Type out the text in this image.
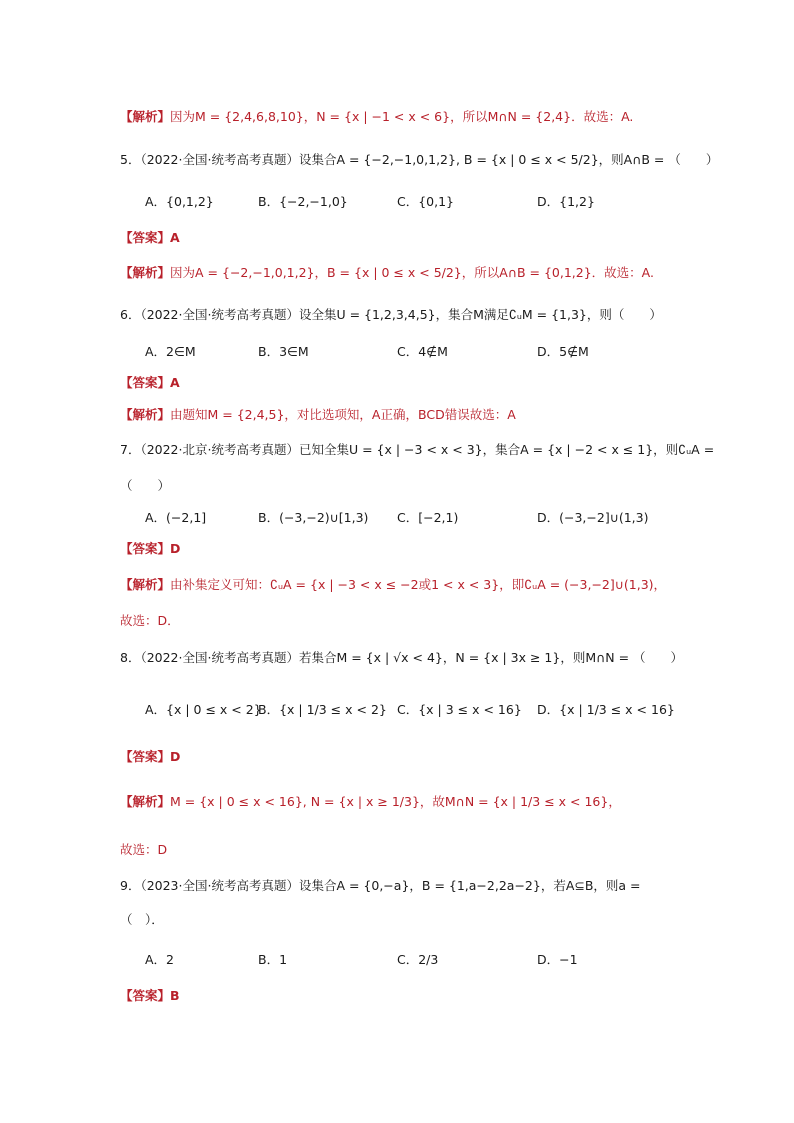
【解析】因为M = {2,4,6,8,10}，N = {x | −1 < x < 6}，所以M∩N = {2,4}．故选：A.
5．（2022·全国·统考高考真题）设集合A = {−2,−1,0,1,2}, B = {x | 0 ≤ x < 5/2}，则A∩B = （　　）
A．{0,1,2}	B．{−2,−1,0}	C．{0,1}	D．{1,2}
【答案】A
【解析】因为A = {−2,−1,0,1,2}，B = {x | 0 ≤ x < 5/2}，所以A∩B = {0,1,2}．故选：A.
6．（2022·全国·统考高考真题）设全集U = {1,2,3,4,5}，集合M满足∁ᵤM = {1,3}，则（　　）
A．2∈M	B．3∈M	C．4∉M	D．5∉M
【答案】A
【解析】由题知M = {2,4,5}，对比选项知，A正确，BCD错误故选：A
7．（2022·北京·统考高考真题）已知全集U = {x | −3 < x < 3}，集合A = {x | −2 < x ≤ 1}，则∁ᵤA =
（　　）
A．(−2,1]	B．(−3,−2)∪[1,3) C．[−2,1)	D．(−3,−2]∪(1,3)
【答案】D
【解析】由补集定义可知：∁ᵤA = {x | −3 < x ≤ −2或1 < x < 3}，即∁ᵤA = (−3,−2]∪(1,3)，
故选：D．
8．（2022·全国·统考高考真题）若集合M = {x | √x < 4}，N = {x | 3x ≥ 1}，则M∩N = （　　）
A．{x | 0 ≤ x < 2}
B．{x | 1/3 ≤ x < 2} C．{x | 3 ≤ x < 16} D．{x | 1/3 ≤ x < 16}
【答案】D
【解析】M = {x | 0 ≤ x < 16}, N = {x | x ≥ 1/3}，故M∩N = {x | 1/3 ≤ x < 16}，
故选：D
9．（2023·全国·统考高考真题）设集合A = {0,−a}，B = {1,a−2,2a−2}，若A⊆B，则a =
（　）．
A．2	B．1	C．2/3	D．−1
【答案】B
